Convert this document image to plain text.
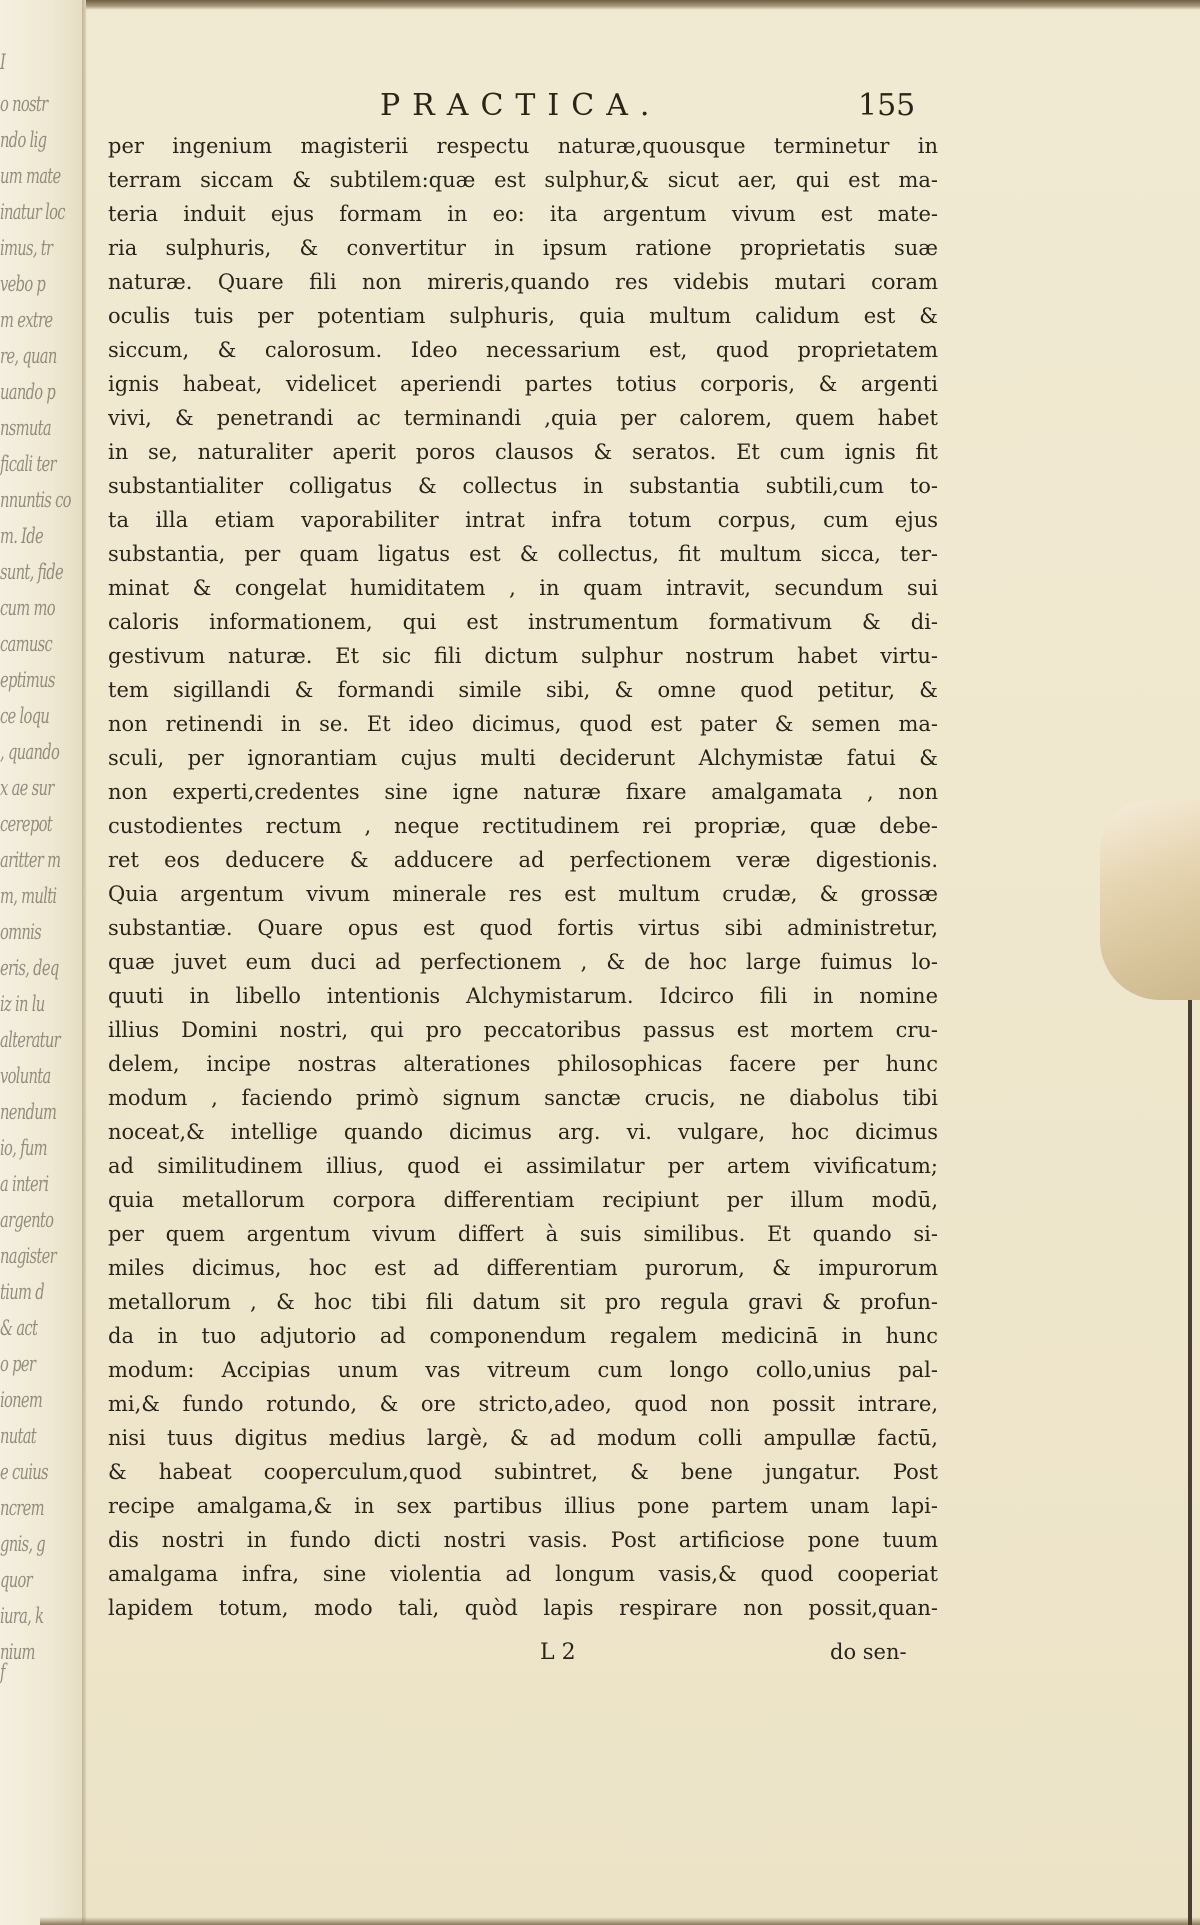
I
o nostr
ndo lig
um mate
inatur loc
imus, tr
vebo p
m extre
re, quan
uando p
nsmuta
ficali ter
nnuntis co
m. Ide
sunt, fide
cum mo
camusc
eptimus
ce loqu
, quando
x ae sur
cerepot
aritter m
m, multi
omnis
eris, deq
iz in lu
alteratur
volunta
nendum
io, fum
a interi
argento
nagister
tium d
& act
o per
ionem
nutat
e cuius
ncrem
gnis, g
quor
iura, k
nium
f
PRACTICA.	155
per ingenium magisterii respectu naturæ,quousque terminetur in
terram siccam & subtilem:quæ est sulphur,& sicut aer, qui est ma-
teria induit ejus formam in eo: ita argentum vivum est mate-
ria sulphuris, & convertitur in ipsum ratione proprietatis suæ
naturæ. Quare fili non mireris,quando res videbis mutari coram
oculis tuis per potentiam sulphuris, quia multum calidum est &
siccum, & calorosum. Ideo necessarium est, quod proprietatem
ignis habeat, videlicet aperiendi partes totius corporis, & argenti
vivi, & penetrandi ac terminandi ,quia per calorem, quem habet
in se, naturaliter aperit poros clausos & seratos. Et cum ignis fit
substantialiter colligatus & collectus in substantia subtili,cum to-
ta illa etiam vaporabiliter intrat infra totum corpus, cum ejus
substantia, per quam ligatus est & collectus, fit multum sicca, ter-
minat & congelat humiditatem , in quam intravit, secundum sui
caloris informationem, qui est instrumentum formativum & di-
gestivum naturæ. Et sic fili dictum sulphur nostrum habet virtu-
tem sigillandi & formandi simile sibi, & omne quod petitur, &
non retinendi in se. Et ideo dicimus, quod est pater & semen ma-
sculi, per ignorantiam cujus multi deciderunt Alchymistæ fatui &
non experti,credentes sine igne naturæ fixare amalgamata , non
custodientes rectum , neque rectitudinem rei propriæ, quæ debe-
ret eos deducere & adducere ad perfectionem veræ digestionis.
Quia argentum vivum minerale res est multum crudæ, & grossæ
substantiæ. Quare opus est quod fortis virtus sibi administretur,
quæ juvet eum duci ad perfectionem , & de hoc large fuimus lo-
quuti in libello intentionis Alchymistarum. Idcirco fili in nomine
illius Domini nostri, qui pro peccatoribus passus est mortem cru-
delem, incipe nostras alterationes philosophicas facere per hunc
modum , faciendo primò signum sanctæ crucis, ne diabolus tibi
noceat,& intellige quando dicimus arg. vi. vulgare, hoc dicimus
ad similitudinem illius, quod ei assimilatur per artem vivificatum;
quia metallorum corpora differentiam recipiunt per illum modū,
per quem argentum vivum differt à suis similibus. Et quando si-
miles dicimus, hoc est ad differentiam purorum, & impurorum
metallorum , & hoc tibi fili datum sit pro regula gravi & profun-
da in tuo adjutorio ad componendum regalem medicinā in hunc
modum: Accipias unum vas vitreum cum longo collo,unius pal-
mi,& fundo rotundo, & ore stricto,adeo, quod non possit intrare,
nisi tuus digitus medius largè, & ad modum colli ampullæ factū,
& habeat cooperculum,quod subintret, & bene jungatur. Post
recipe amalgama,& in sex partibus illius pone partem unam lapi-
dis nostri in fundo dicti nostri vasis. Post artificiose pone tuum
amalgama infra, sine violentia ad longum vasis,& quod cooperiat
lapidem totum, modo tali, quòd lapis respirare non possit,quan-
L 2	do sen-
